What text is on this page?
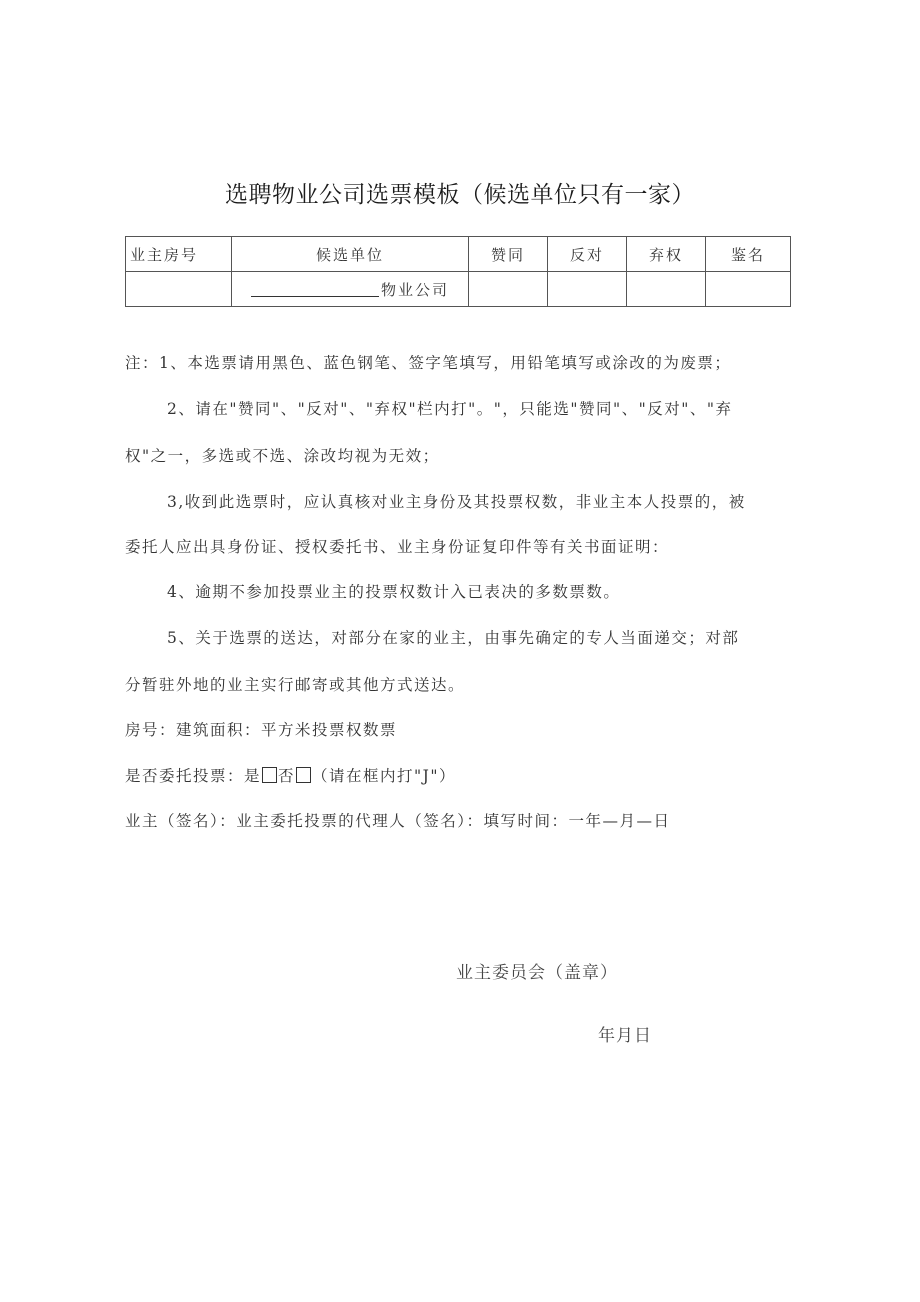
选聘物业公司选票模板（候选单位只有一家）
业主房号	候选单位	赞同	反对	弃权	鉴名
	物业公司				
注：1、本选票请用黑色、蓝色钢笔、签字笔填写，用铅笔填写或涂改的为废票；
2、请在"赞同"、"反对"、"弃权"栏内打"。"，只能选"赞同"、"反对"、"弃
权"之一，多选或不选、涂改均视为无效；
3,收到此选票时，应认真核对业主身份及其投票权数，非业主本人投票的，被
委托人应出具身份证、授权委托书、业主身份证复印件等有关书面证明：
4、逾期不参加投票业主的投票权数计入已表决的多数票数。
5、关于选票的送达，对部分在家的业主，由事先确定的专人当面递交；对部
分暂驻外地的业主实行邮寄或其他方式送达。
房号：建筑面积：平方米投票权数票
是否委托投票：是 否 （请在框内打"J"）
业主（签名）：业主委托投票的代理人（签名）：填写时间：一年—月—日
业主委员会（盖章）
年月日
